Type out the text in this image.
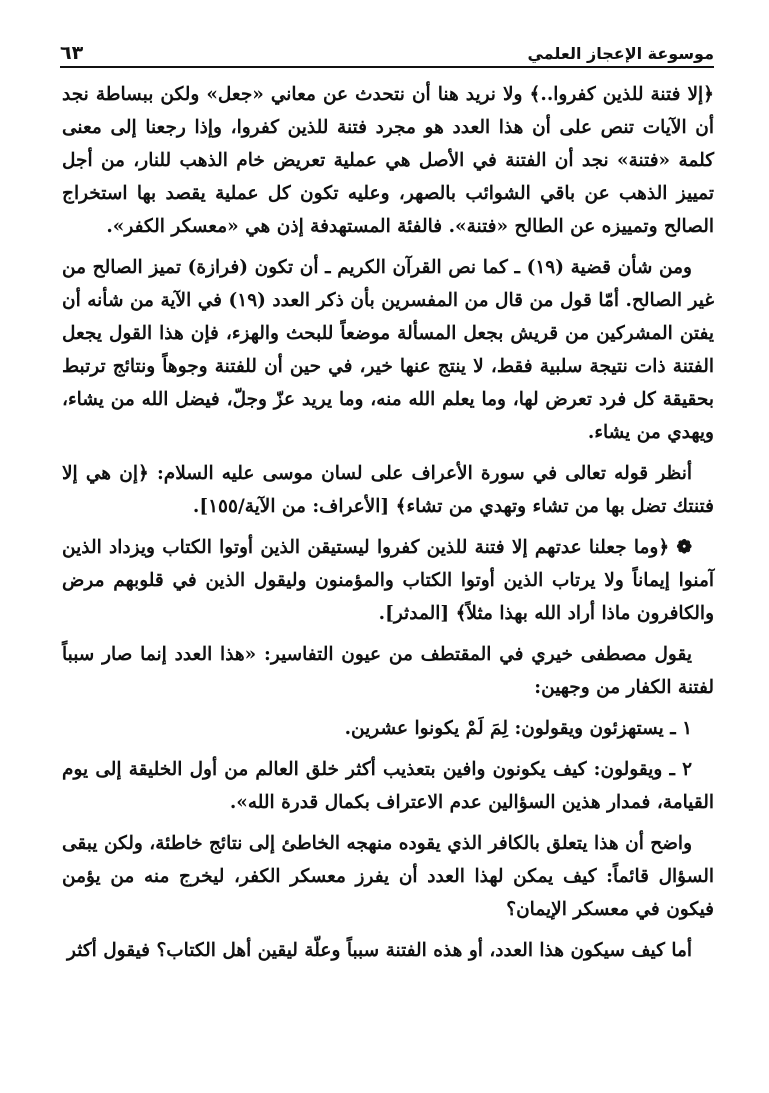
٦٣	موسوعة الإعجاز العلمي

﴿إلا فتنة للذين كفروا..﴾ ولا نريد هنا أن نتحدث عن معاني «جعل» ولكن ببساطة نجد أن الآيات تنص على أن هذا العدد هو مجرد فتنة للذين كفروا، وإذا رجعنا إلى معنى كلمة «فتنة» نجد أن الفتنة في الأصل هي عملية تعريض خام الذهب للنار، من أجل تمييز الذهب عن باقي الشوائب بالصهر، وعليه تكون كل عملية يقصد بها استخراج الصالح وتمييزه عن الطالح «فتنة». فالفئة المستهدفة إذن هي «معسكر الكفر».

ومن شأن قضية (١٩) ـ كما نص القرآن الكريم ـ أن تكون (فرازة) تميز الصالح من غير الصالح. أمّا قول من قال من المفسرين بأن ذكر العدد (١٩) في الآية من شأنه أن يفتن المشركين من قريش بجعل المسألة موضعاً للبحث والهزء، فإن هذا القول يجعل الفتنة ذات نتيجة سلبية فقط، لا ينتج عنها خير، في حين أن للفتنة وجوهاً ونتائج ترتبط بحقيقة كل فرد تعرض لها، وما يعلم الله منه، وما يريد عزّ وجلّ، فيضل الله من يشاء، ويهدي من يشاء.

أنظر قوله تعالى في سورة الأعراف على لسان موسى عليه السلام: ﴿إن هي إلا فتنتك تضل بها من تشاء وتهدي من تشاء﴾ [الأعراف: من الآية/١٥٥].

❁ ﴿وما جعلنا عدتهم إلا فتنة للذين كفروا ليستيقن الذين أوتوا الكتاب ويزداد الذين آمنوا إيماناً ولا يرتاب الذين أوتوا الكتاب والمؤمنون وليقول الذين في قلوبهم مرض والكافرون ماذا أراد الله بهذا مثلاً﴾ [المدثر].

يقول مصطفى خيري في المقتطف من عيون التفاسير: «هذا العدد إنما صار سبباً لفتنة الكفار من وجهين:

١ ـ يستهزئون ويقولون: لِمَ لَمْ يكونوا عشرين.

٢ ـ ويقولون: كيف يكونون وافين بتعذيب أكثر خلق العالم من أول الخليقة إلى يوم القيامة، فمدار هذين السؤالين عدم الاعتراف بكمال قدرة الله».

واضح أن هذا يتعلق بالكافر الذي يقوده منهجه الخاطئ إلى نتائج خاطئة، ولكن يبقى السؤال قائماً: كيف يمكن لهذا العدد أن يفرز معسكر الكفر، ليخرج منه من يؤمن فيكون في معسكر الإيمان؟

أما كيف سيكون هذا العدد، أو هذه الفتنة سبباً وعلّة ليقين أهل الكتاب؟ فيقول أكثر
